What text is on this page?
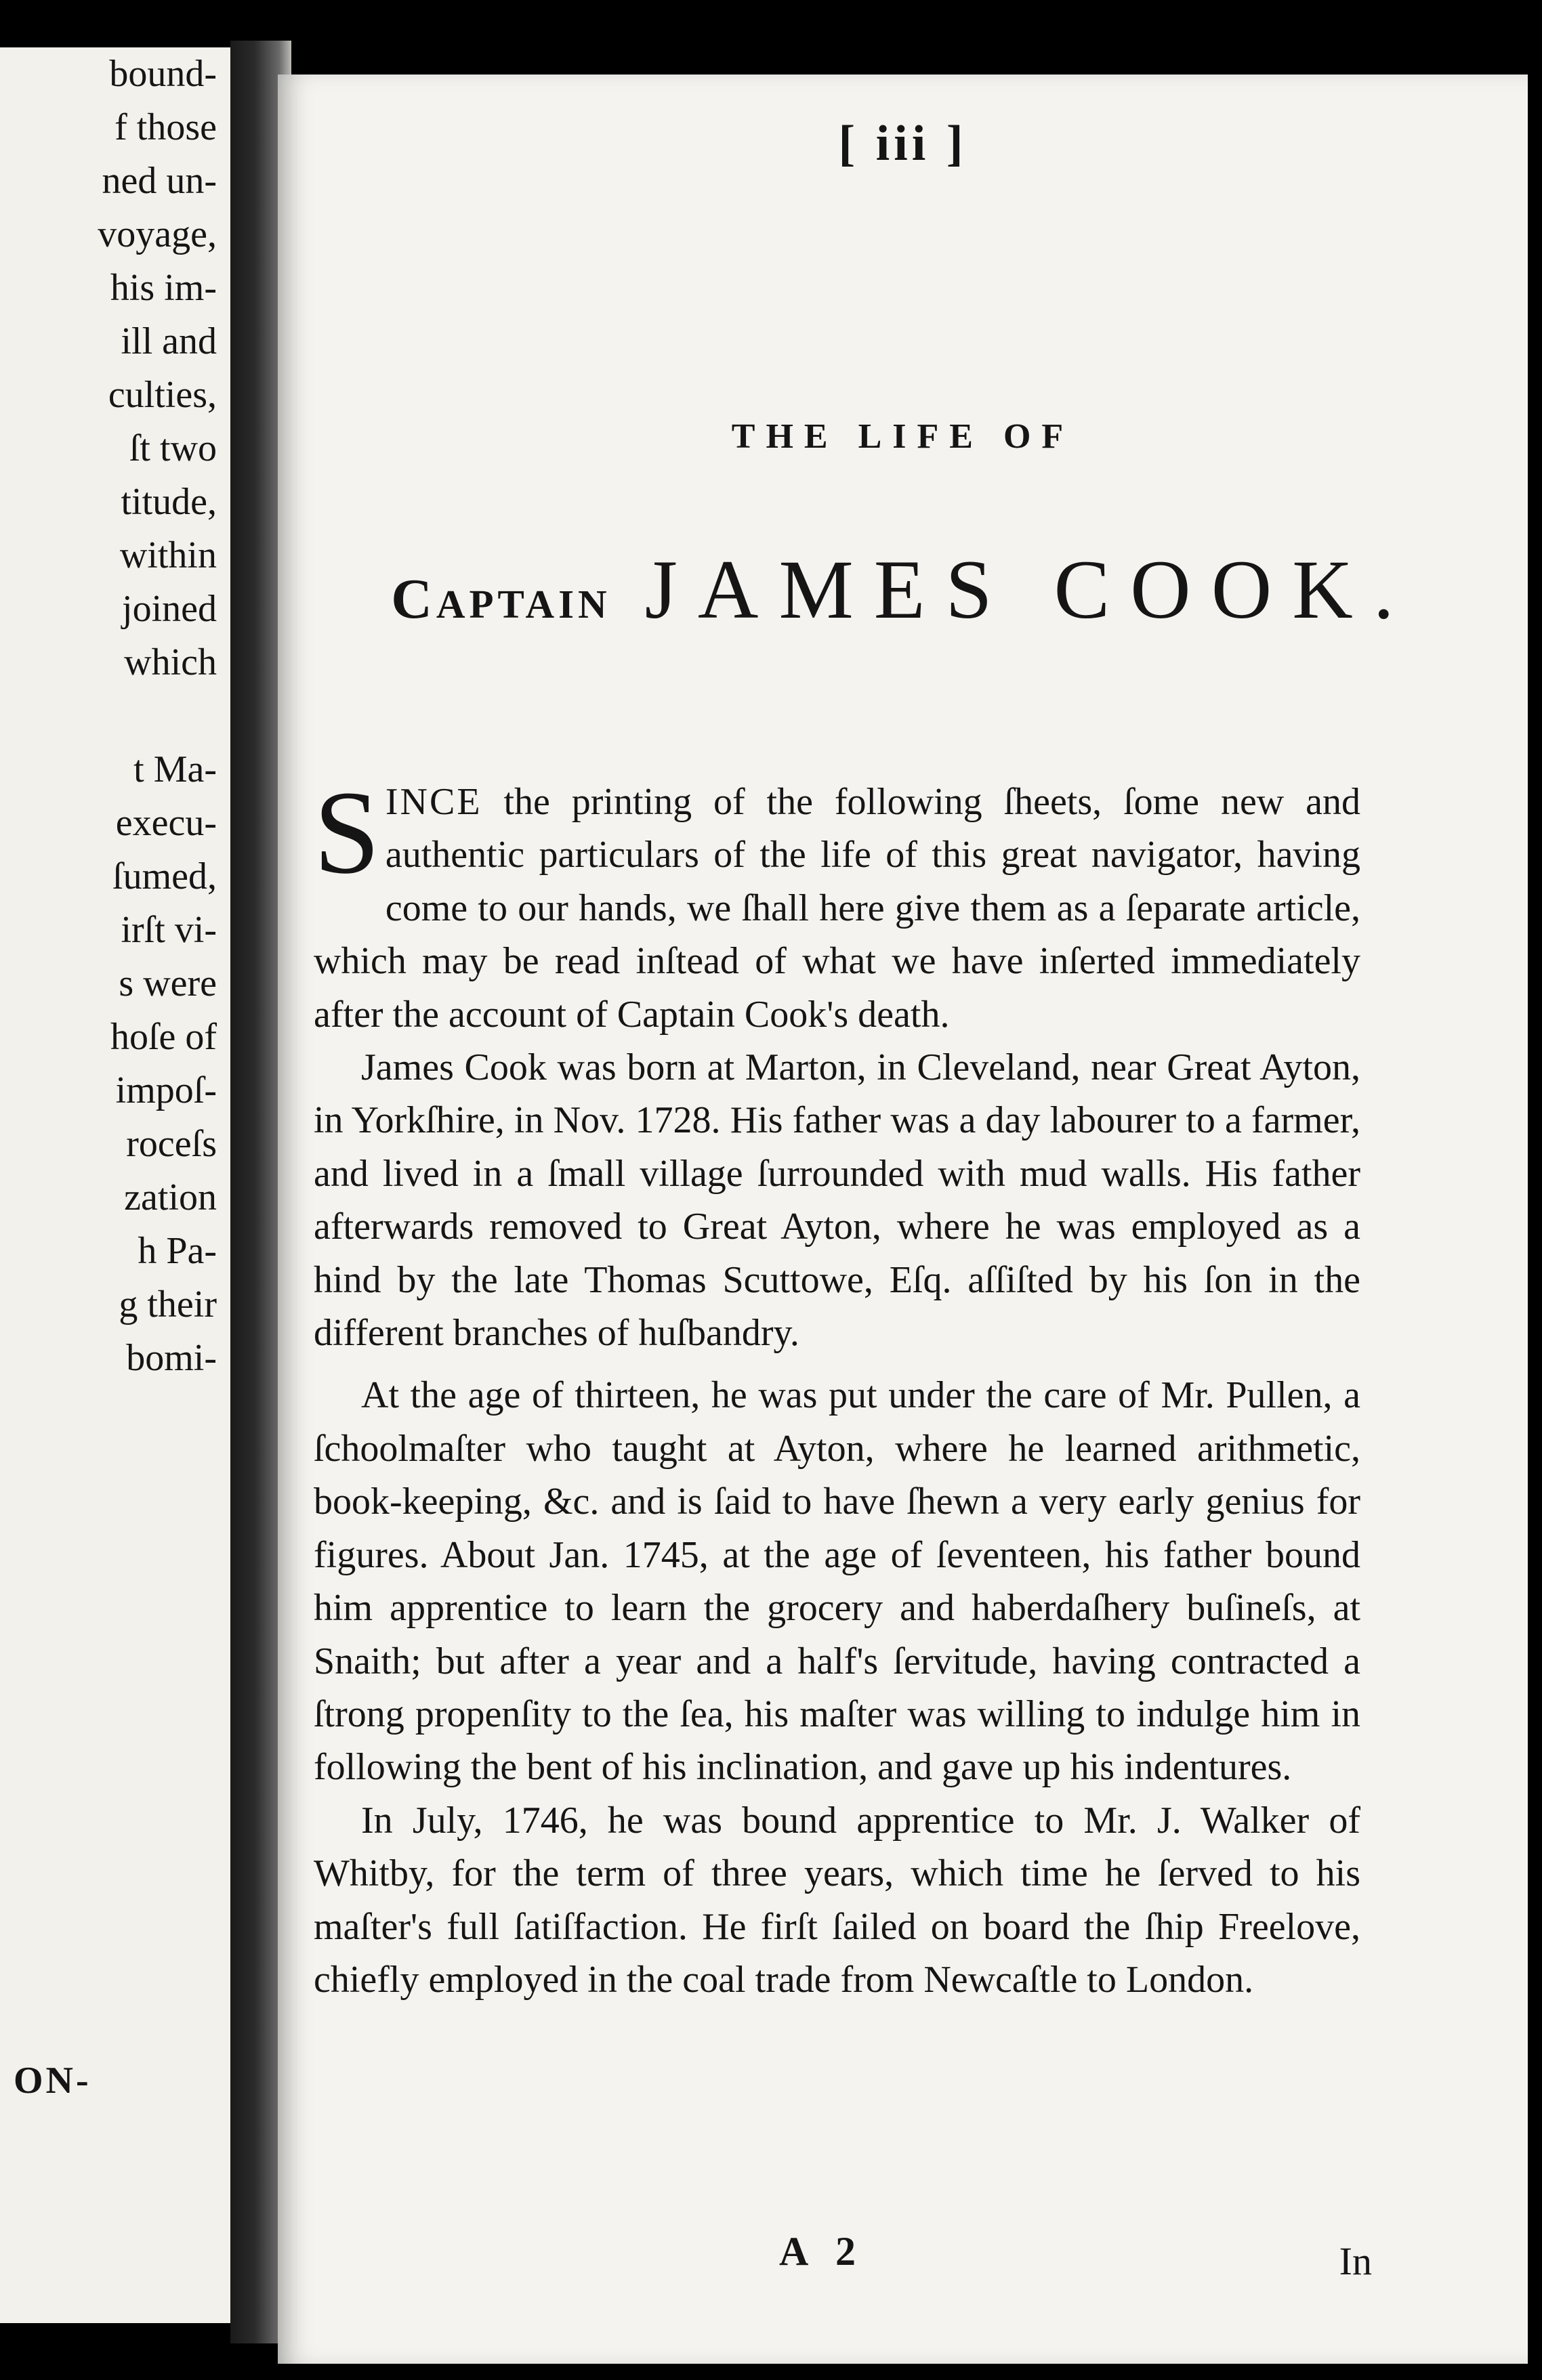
bound-
f those
ned un-
voyage,
his im-
ill and
culties,
ſt two
titude,
within
joined
which
t Ma-
execu-
ſumed,
irſt vi-
s were
hoſe of
impoſ-
roceſs
zation
h Pa-
g their
bomi-
ON-
[ iii ]
THE LIFE OF
Captain JAMES COOK.

SINCE the printing of the following ſheets, ſome new and authentic particulars of the life of this great navigator, having come to our hands, we ſhall here give them as a ſeparate article, which may be read inſtead of what we have inſerted immediately after the account of Captain Cook's death.

James Cook was born at Marton, in Cleveland, near Great Ayton, in Yorkſhire, in Nov. 1728. His father was a day labourer to a farmer, and lived in a ſmall village ſurrounded with mud walls. His father afterwards removed to Great Ayton, where he was employed as a hind by the late Thomas Scuttowe, Eſq. aſſiſted by his ſon in the different branches of huſbandry.

At the age of thirteen, he was put under the care of Mr. Pullen, a ſchoolmaſter who taught at Ayton, where he learned arithmetic, book-keeping, &c. and is ſaid to have ſhewn a very early genius for figures. About Jan. 1745, at the age of ſeventeen, his father bound him apprentice to learn the grocery and haberdaſhery buſineſs, at Snaith; but after a year and a half's ſervitude, having contracted a ſtrong propenſity to the ſea, his maſter was willing to indulge him in following the bent of his inclination, and gave up his indentures.

In July, 1746, he was bound apprentice to Mr. J. Walker of Whitby, for the term of three years, which time he ſerved to his maſter's full ſatiſfaction. He firſt ſailed on board the ſhip Freelove, chiefly employed in the coal trade from Newcaſtle to London.

A 2	In
